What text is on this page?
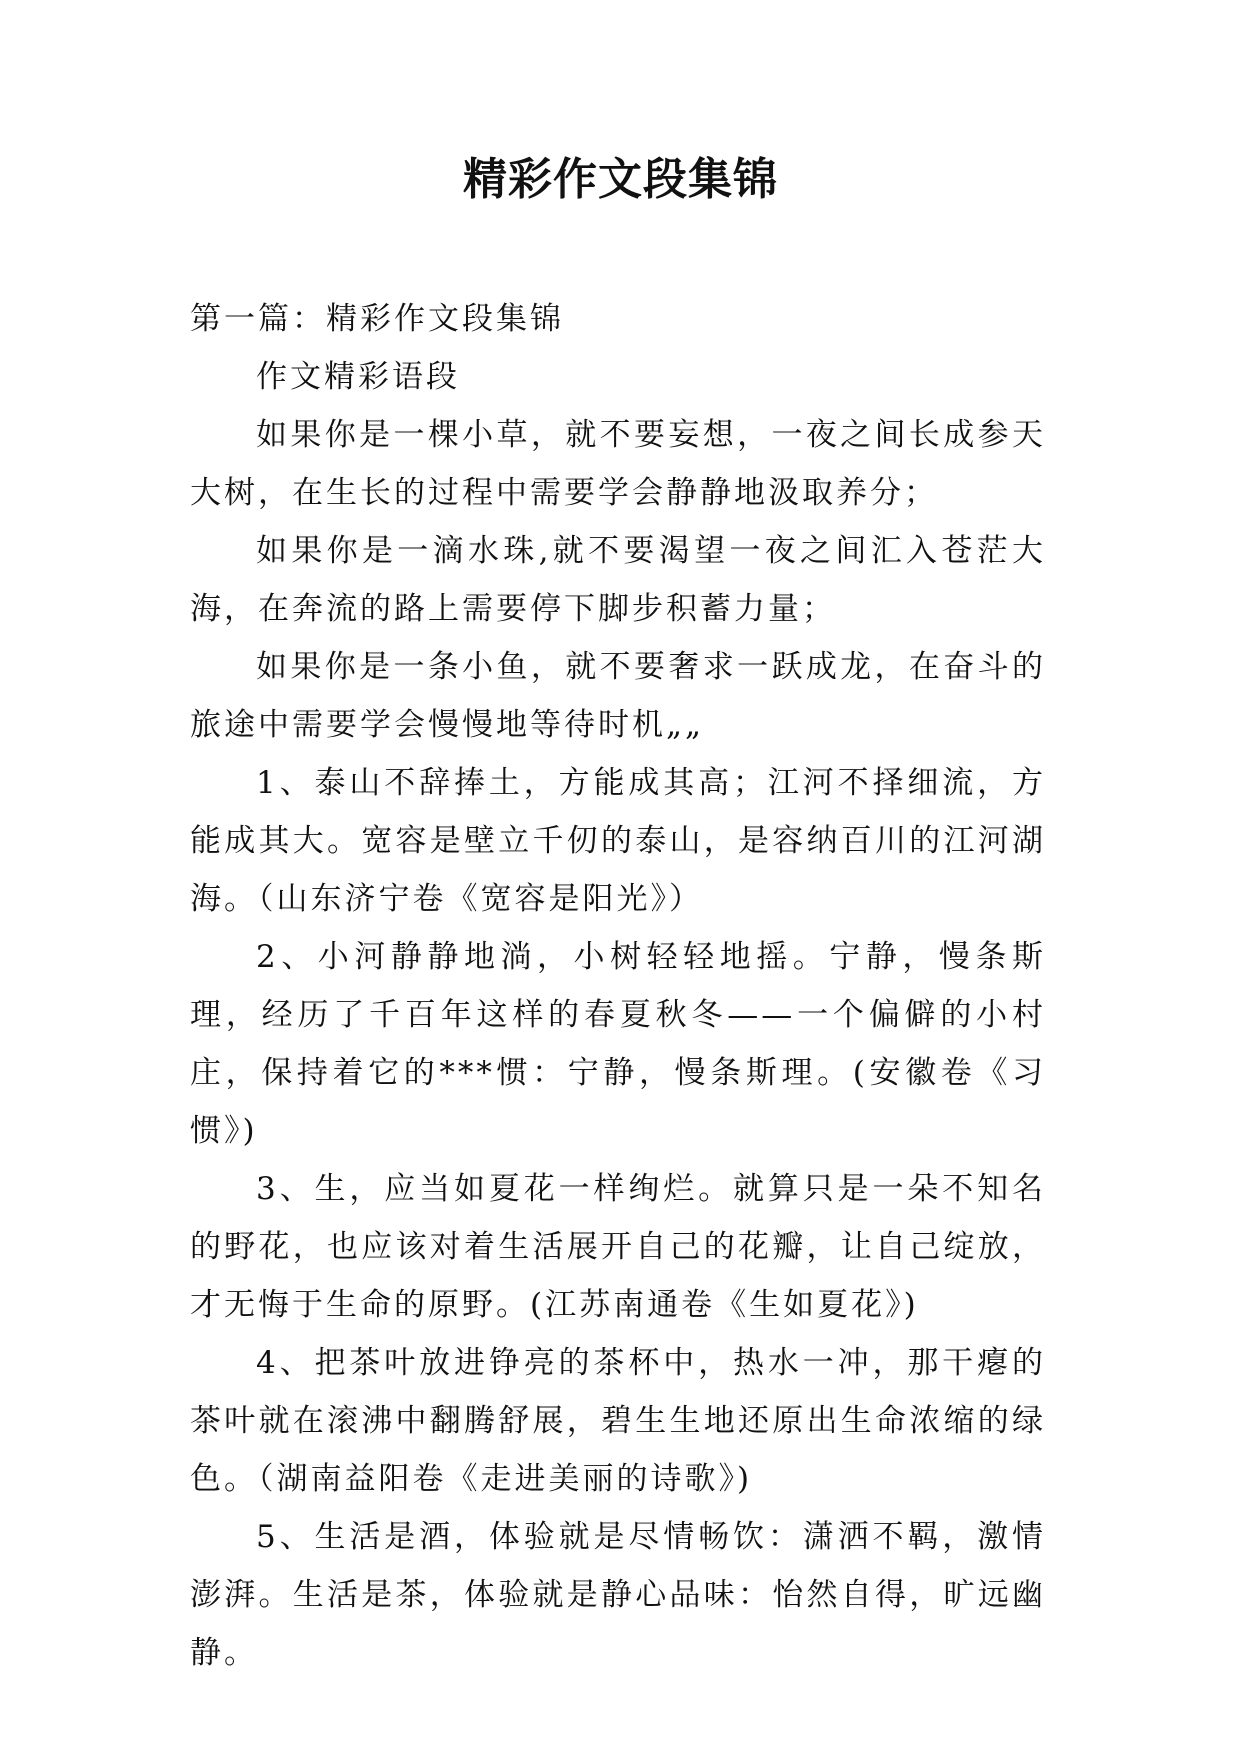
精彩作文段集锦

第一篇：精彩作文段集锦

作文精彩语段

如果你是一棵小草，就不要妄想，一夜之间长成参天大树，在生长的过程中需要学会静静地汲取养分；

如果你是一滴水珠,就不要渴望一夜之间汇入苍茫大海，在奔流的路上需要停下脚步积蓄力量；

如果你是一条小鱼，就不要奢求一跃成龙，在奋斗的旅途中需要学会慢慢地等待时机„„

1、泰山不辞捧土，方能成其高；江河不择细流，方能成其大。宽容是壁立千仞的泰山，是容纳百川的江河湖海。（山东济宁卷《宽容是阳光》）

2、小河静静地淌，小树轻轻地摇。宁静，慢条斯理，经历了千百年这样的春夏秋冬——一个偏僻的小村庄，保持着它的***惯：宁静，慢条斯理。(安徽卷《习惯》)

3、生，应当如夏花一样绚烂。就算只是一朵不知名的野花，也应该对着生活展开自己的花瓣，让自己绽放，才无悔于生命的原野。(江苏南通卷《生如夏花》)

4、把茶叶放进铮亮的茶杯中，热水一冲，那干瘪的茶叶就在滚沸中翻腾舒展，碧生生地还原出生命浓缩的绿色。（湖南益阳卷《走进美丽的诗歌》)

5、生活是酒，体验就是尽情畅饮：潇洒不羁，激情澎湃。生活是茶，体验就是静心品味：怡然自得，旷远幽静。
